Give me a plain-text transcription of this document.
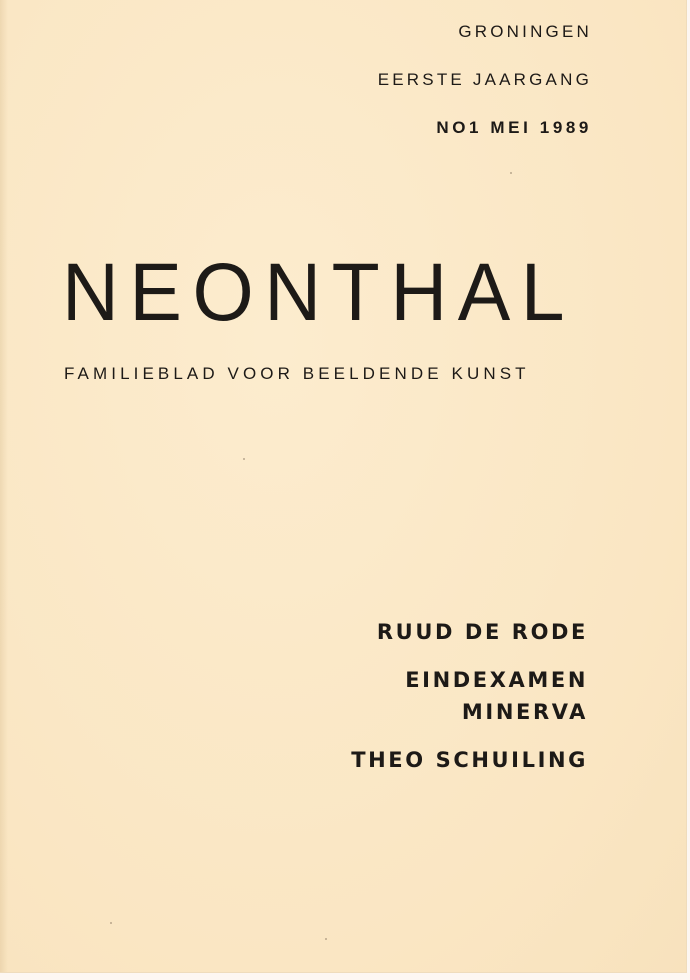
GRONINGEN

EERSTE JAARGANG

NO1 MEI 1989

NEONTHAL

FAMILIEBLAD VOOR BEELDENDE KUNST

RUUD DE RODE

EINDEXAMEN

MINERVA

THEO SCHUILING
